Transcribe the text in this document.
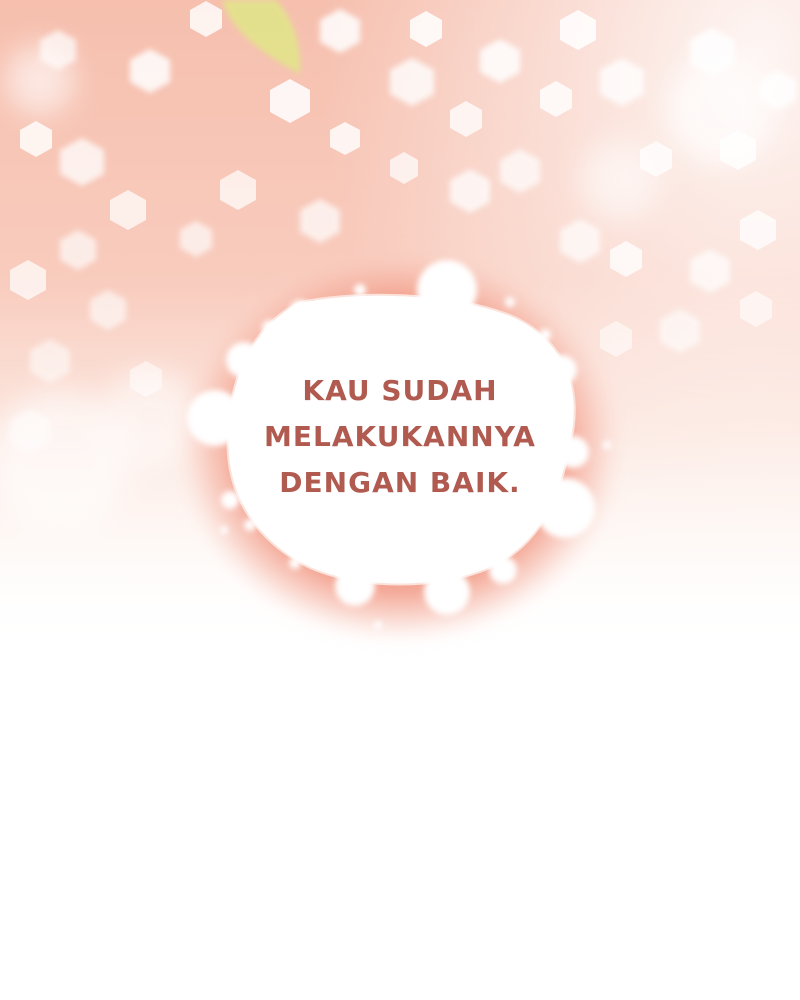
KAU SUDAH
MELAKUKANNYA
DENGAN BAIK.
